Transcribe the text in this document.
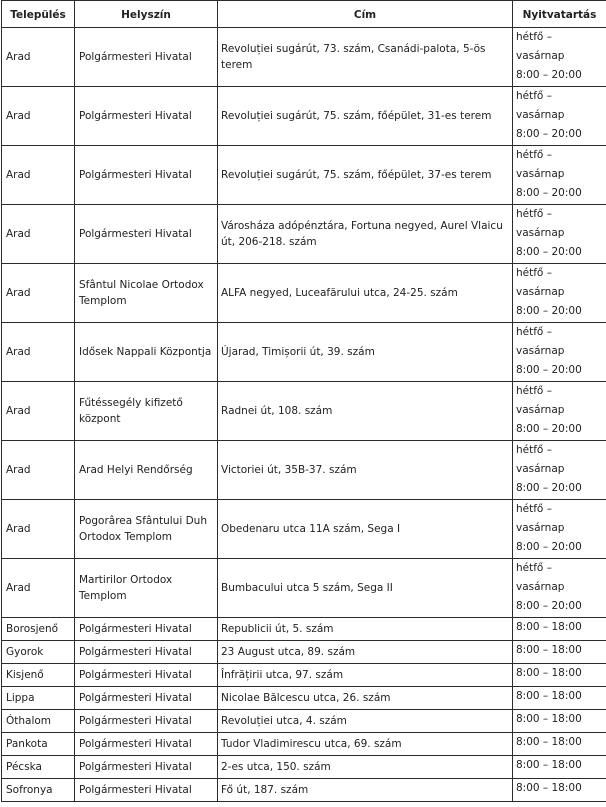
Település	Helyszín	Cím	Nyitvatartás
Arad	Polgármesteri Hivatal	Revoluției sugárút, 73. szám, Csanádi-palota, 5-ös terem	hétfő –
vasárnap
8:00 – 20:00

Arad	Polgármesteri Hivatal	Revoluției sugárút, 75. szám, főépület, 31-es terem	hétfő –
vasárnap
8:00 – 20:00

Arad	Polgármesteri Hivatal	Revoluției sugárút, 75. szám, főépület, 37-es terem	hétfő –
vasárnap
8:00 – 20:00

Arad	Polgármesteri Hivatal	Városháza adópénztára, Fortuna negyed, Aurel Vlaicu út, 206-218. szám	hétfő –
vasárnap
8:00 – 20:00

Arad	Sfântul Nicolae Ortodox Templom	ALFA negyed, Luceafărului utca, 24-25. szám	hétfő –
vasárnap
8:00 – 20:00

Arad	Idősek Nappali Központja	Újarad, Timișorii út, 39. szám	hétfő –
vasárnap
8:00 – 20:00

Arad	Fűtéssegély kifizető központ	Radnei út, 108. szám	hétfő –
vasárnap
8:00 – 20:00

Arad	Arad Helyi Rendőrség	Victoriei út, 35B-37. szám	hétfő –
vasárnap
8:00 – 20:00

Arad	Pogorârea Sfântului Duh Ortodox Templom	Obedenaru utca 11A szám, Sega I	hétfő –
vasárnap
8:00 – 20:00

Arad	Martirilor Ortodox Templom	Bumbacului utca 5 szám, Sega II	hétfő –
vasárnap
8:00 – 20:00

Borosjenő	Polgármesteri Hivatal	Republicii út, 5. szám	8:00 – 18:00

Gyorok	Polgármesteri Hivatal	23 August utca, 89. szám	8:00 – 18:00

Kisjenő	Polgármesteri Hivatal	Înfrățirii utca, 97. szám	8:00 – 18:00

Lippa	Polgármesteri Hivatal	Nicolae Bălcescu utca, 26. szám	8:00 – 18:00

Óthalom	Polgármesteri Hivatal	Revoluției utca, 4. szám	8:00 – 18:00

Pankota	Polgármesteri Hivatal	Tudor Vladimirescu utca, 69. szám	8:00 – 18:00

Pécska	Polgármesteri Hivatal	2-es utca, 150. szám	8:00 – 18:00

Sofronya	Polgármesteri Hivatal	Fő út, 187. szám	8:00 – 18:00
